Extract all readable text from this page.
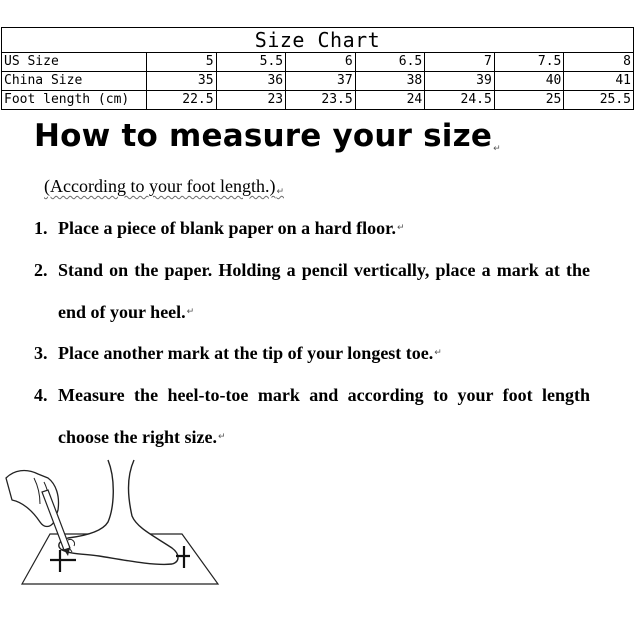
Size Chart							
US Size	5	5.5	6	6.5	7	7.5	8
China Size	35	36	37	38	39	40	41
Foot length (cm)	22.5	23	23.5	24	24.5	25	25.5
How to measure your size↵
(According to your foot length.)↵
1. Place a piece of blank paper on a hard floor.↵
2. Stand on the paper. Holding a pencil vertically, place a mark at the end of your heel.↵
3. Place another mark at the tip of your longest toe.↵
4. Measure the heel-to-toe mark and according to your foot length choose the right size.↵
